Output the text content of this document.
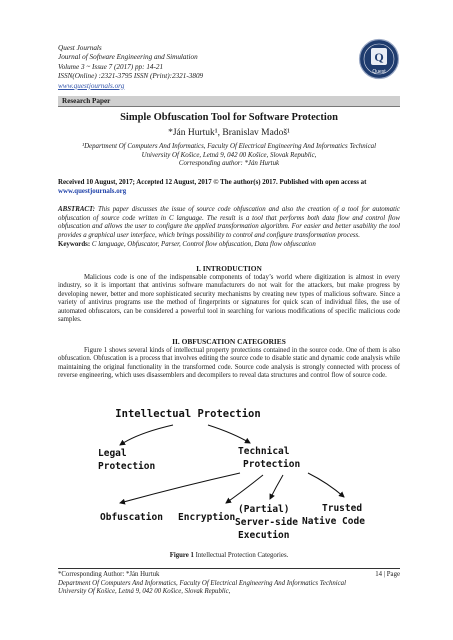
Quest Journals
Journal of Software Engineering and Simulation
Volume 3 ~ Issue 7 (2017) pp: 14-21
ISSN(Online) :2321-3795 ISSN (Print):2321-3809
www.questjournals.org
Q
Quest
Research Paper
Simple Obfuscation Tool for Software Protection
*Ján Hurtuk¹, Branislav Madoš¹
¹Department Of Computers And Informatics, Faculty Of Electrical Engineering And Informatics Technical
University Of Košice, Letná 9, 042 00 Košice, Slovak Republic,
Corresponding author: *Ján Hurtuk
Received 10 August, 2017; Accepted 12 August, 2017 © The author(s) 2017. Published with open access at
www.questjournals.org
ABSTRACT: This paper discusses the issue of source code obfuscation and also the creation of a tool for automatic obfuscation of source code written in C language. The result is a tool that performs both data flow and control flow obfuscation and allows the user to configure the applied transformation algorithm. For easier and better usability the tool provides a graphical user interface, which brings possibility to control and configure transformation process.
Keywords: C language, Obfuscator, Parser, Control flow obfuscation, Data flow obfuscation
I. INTRODUCTION
Malicious code is one of the indispensable components of today’s world where digitization is almost in every industry, so it is important that antivirus software manufacturers do not wait for the attackers, but make progress by developing newer, better and more sophisticated security mechanisms by creating new types of malicious software. Since a variety of antivirus programs use the method of fingerprints or signatures for quick scan of individual files, the use of automated obfuscators, can be considered a powerful tool in searching for various modifications of specific malicious code samples.
II. OBFUSCATION CATEGORIES
Figure 1 shows several kinds of intellectual property protections contained in the source code. One of them is also obfuscation. Obfuscation is a process that involves editing the source code to disable static and dynamic code analysis while maintaining the original functionality in the transformed code. Source code analysis is strongly connected with process of reverse engineering, which uses disassemblers and decompilers to reveal data structures and control flow of source code.
Intellectual Protection
Legal
Protection
Technical
Protection
Obfuscation Encryption
(Partial)
Server-side
Execution
Trusted
Native Code
Figure 1 Intellectual Protection Categories.
*Corresponding Author: *Ján Hurtuk	14 | Page
Department Of Computers And Informatics, Faculty Of Electrical Engineering And Informatics Technical
University Of Košice, Letná 9, 042 00 Košice, Slovak Republic,
